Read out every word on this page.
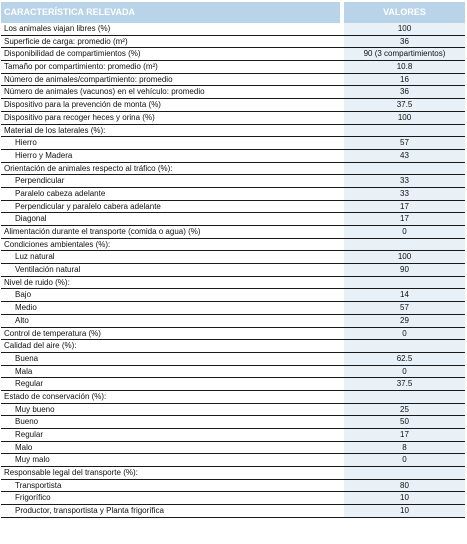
CARACTERÍSTICA RELEVADA	VALORES
Los animales viajan libres (%)	100
Superficie de carga: promedio (m²)	36
Disponibilidad de compartimientos (%)	90 (3 compartimientos)
Tamaño por compartimiento: promedio (m²)	10.8
Número de animales/compartimiento: promedio	16
Número de animales (vacunos) en el vehículo: promedio	36
Dispositivo para la prevención de monta (%)	37.5
Dispositivo para recoger heces y orina (%)	100
Material de los laterales (%):
Hierro	57
Hierro y Madera	43
Orientación de animales respecto al tráfico (%):
Perpendicular	33
Paralelo cabeza adelante	33
Perpendicular y paralelo cabera adelante	17
Diagonal	17
Alimentación durante el transporte (comida o agua) (%)	0
Condiciones ambientales (%):
Luz natural	100
Ventilación natural	90
Nivel de ruido (%):
Bajo	14
Medio	57
Alto	29
Control de temperatura (%)	0
Calidad del aire (%):
Buena	62.5
Mala	0
Regular	37.5
Estado de conservación (%):
Muy bueno	25
Bueno	50
Regular	17
Malo	8
Muy malo	0
Responsable legal del transporte (%):
Transportista	80
Frigorífico	10
Productor, transportista y Planta frigorífica	10
